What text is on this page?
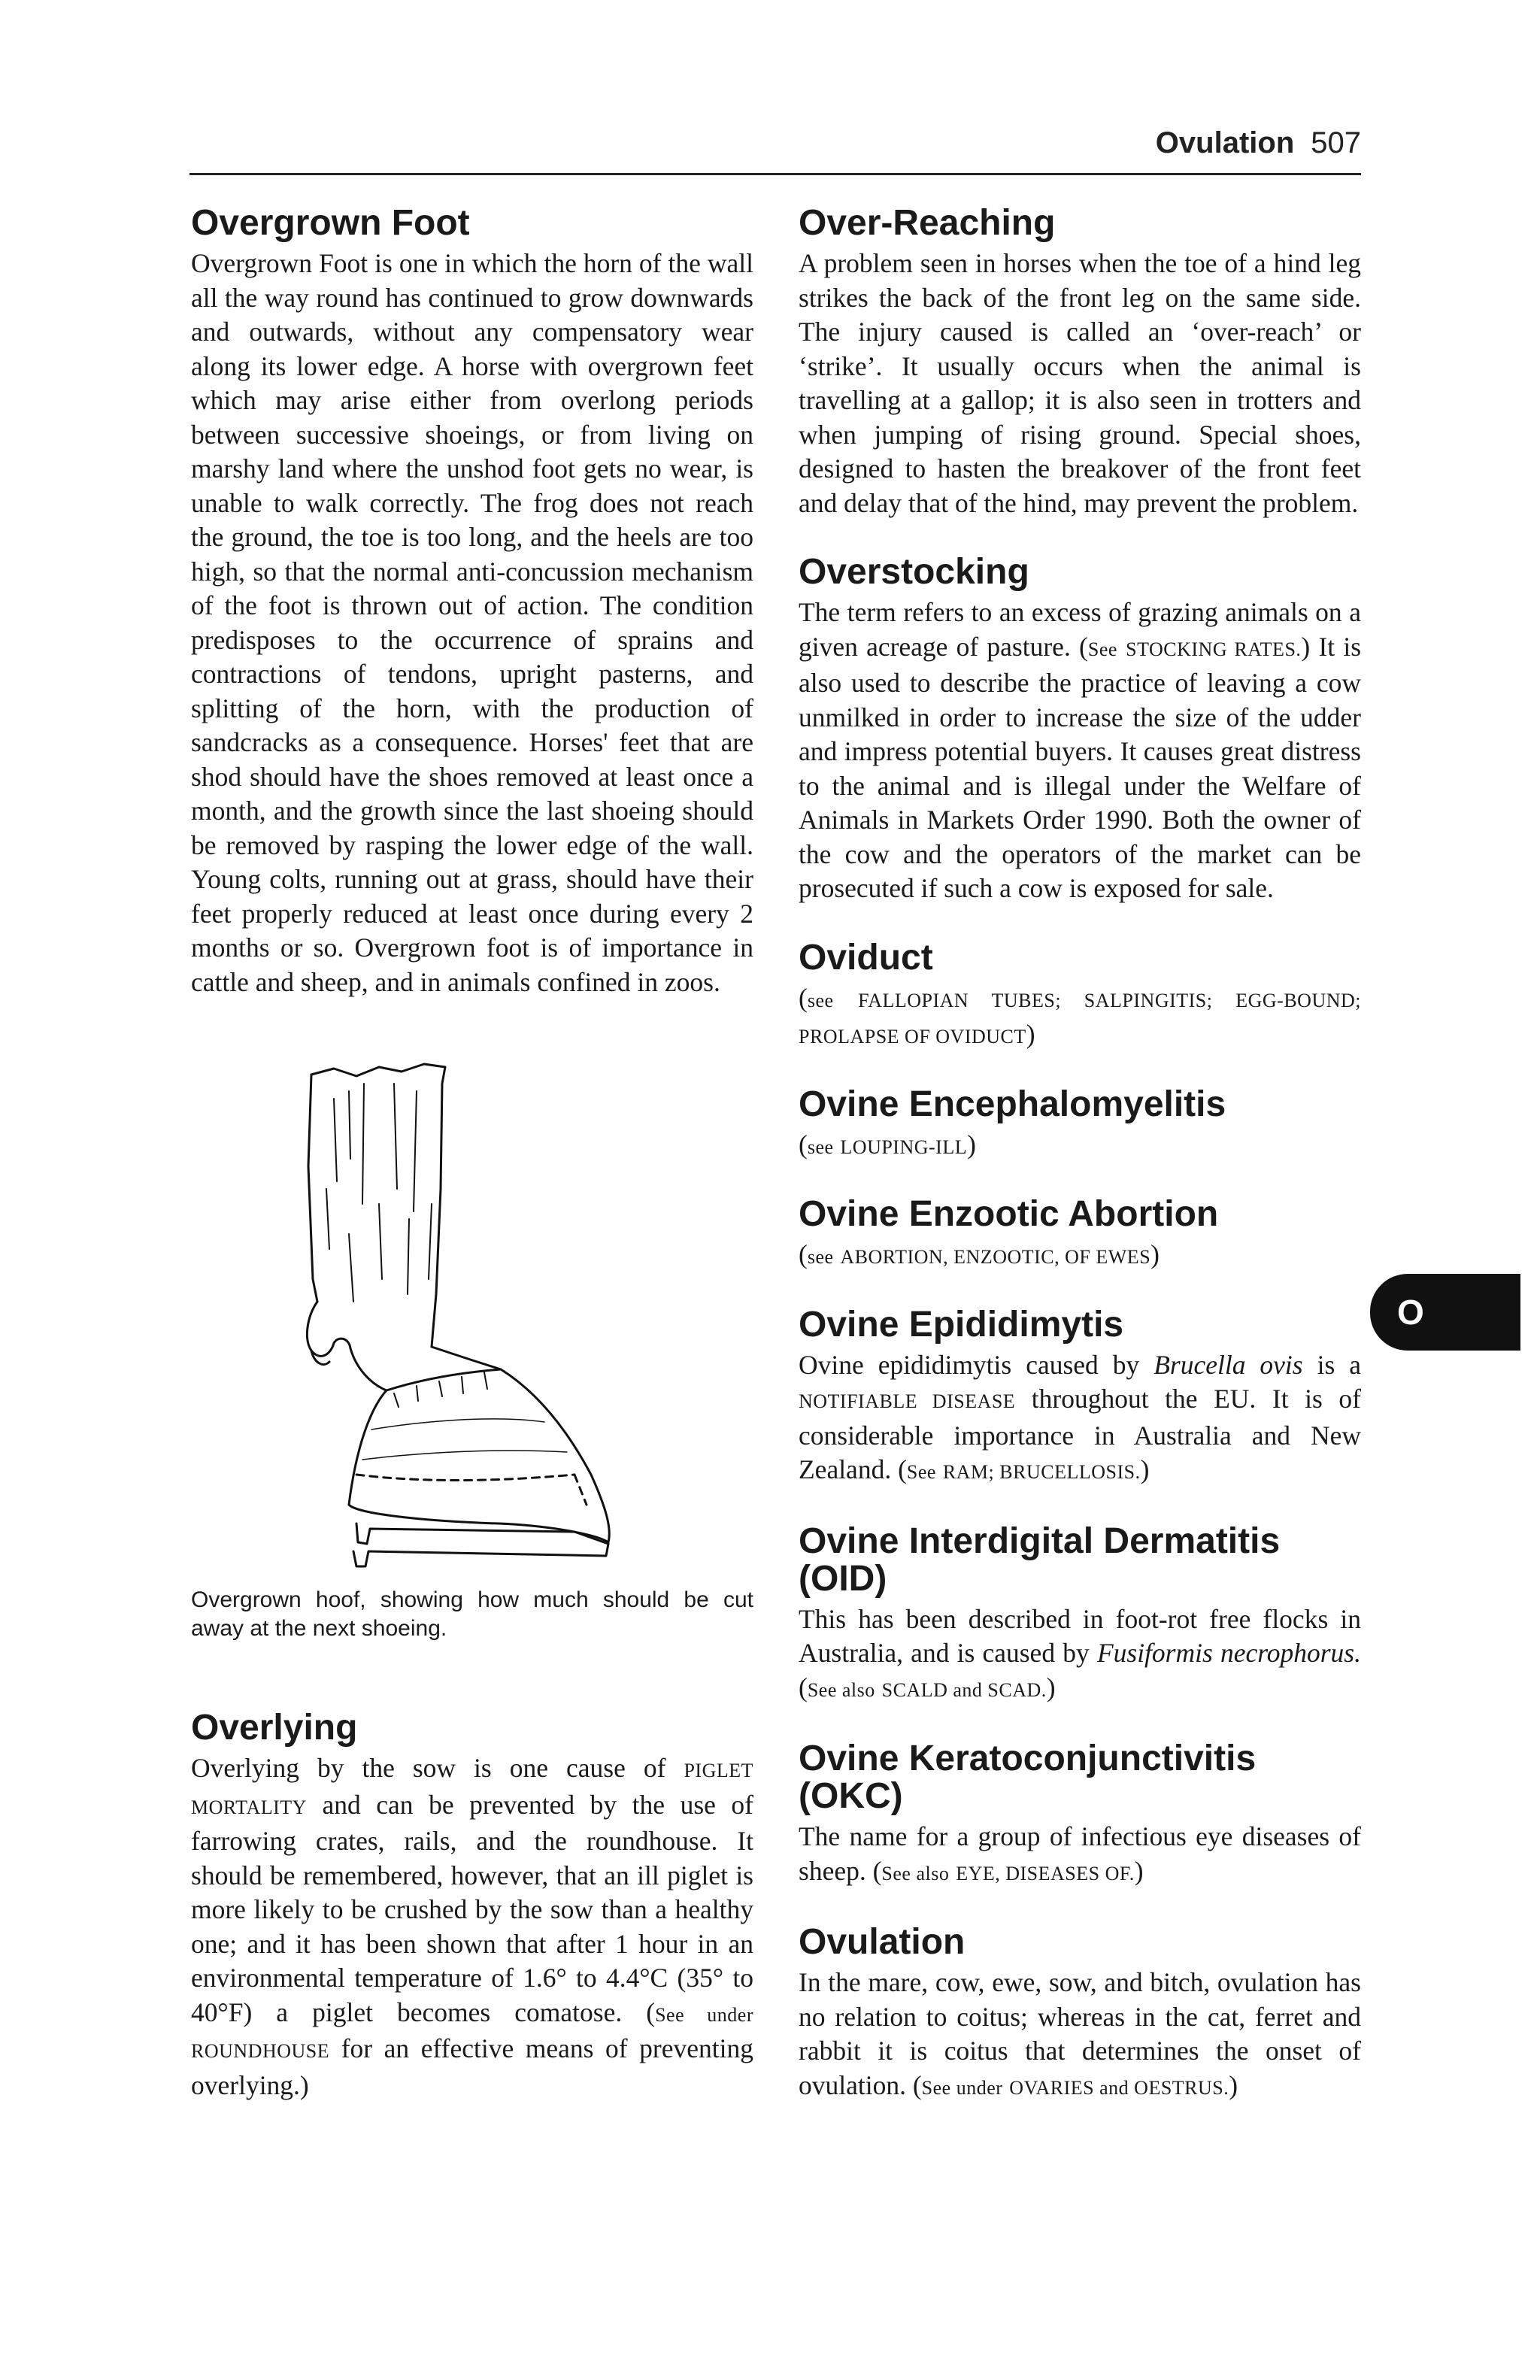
Ovulation 507
Overgrown Foot

Overgrown Foot is one in which the horn of the wall all the way round has continued to grow downwards and outwards, without any compensatory wear along its lower edge. A horse with overgrown feet which may arise either from overlong periods between successive shoeings, or from living on marshy land where the unshod foot gets no wear, is unable to walk correctly. The frog does not reach the ground, the toe is too long, and the heels are too high, so that the normal anti-concussion mechanism of the foot is thrown out of action. The condition predisposes to the occurrence of sprains and contractions of tendons, upright pasterns, and splitting of the horn, with the production of sandcracks as a consequence. Horses' feet that are shod should have the shoes removed at least once a month, and the growth since the last shoeing should be removed by rasping the lower edge of the wall. Young colts, running out at grass, should have their feet properly reduced at least once during every 2 months or so. Overgrown foot is of importance in cattle and sheep, and in animals confined in zoos.

Overgrown hoof, showing how much should be cut away at the next shoeing.
Overlying

Overlying by the sow is one cause of PIGLET MORTALITY and can be prevented by the use of farrowing crates, rails, and the roundhouse. It should be remembered, however, that an ill piglet is more likely to be crushed by the sow than a healthy one; and it has been shown that after 1 hour in an environmental temperature of 1.6° to 4.4°C (35° to 40°F) a piglet becomes comatose. (See under ROUNDHOUSE for an effective means of preventing overlying.)

Over-Reaching

A problem seen in horses when the toe of a hind leg strikes the back of the front leg on the same side. The injury caused is called an ‘over-reach’ or ‘strike’. It usually occurs when the animal is travelling at a gallop; it is also seen in trotters and when jumping of rising ground. Special shoes, designed to hasten the breakover of the front feet and delay that of the hind, may prevent the problem.

Overstocking

The term refers to an excess of grazing animals on a given acreage of pasture. (See STOCKING RATES.) It is also used to describe the practice of leaving a cow unmilked in order to increase the size of the udder and impress potential buyers. It causes great distress to the animal and is illegal under the Welfare of Animals in Markets Order 1990. Both the owner of the cow and the operators of the market can be prosecuted if such a cow is exposed for sale.

Oviduct

(see FALLOPIAN TUBES; SALPINGITIS; EGG-BOUND; PROLAPSE OF OVIDUCT)

Ovine Encephalomyelitis

(see LOUPING-ILL)

Ovine Enzootic Abortion

(see ABORTION, ENZOOTIC, OF EWES)

Ovine Epididimytis

Ovine epididimytis caused by Brucella ovis is a NOTIFIABLE DISEASE throughout the EU. It is of considerable importance in Australia and New Zealand. (See RAM; BRUCELLOSIS.)

Ovine Interdigital Dermatitis (OID)

This has been described in foot-rot free flocks in Australia, and is caused by Fusiformis necrophorus. (See also SCALD and SCAD.)

Ovine Keratoconjunctivitis (OKC)

The name for a group of infectious eye diseases of sheep. (See also EYE, DISEASES OF.)

Ovulation

In the mare, cow, ewe, sow, and bitch, ovulation has no relation to coitus; whereas in the cat, ferret and rabbit it is coitus that determines the onset of ovulation. (See under OVARIES and OESTRUS.)

O
